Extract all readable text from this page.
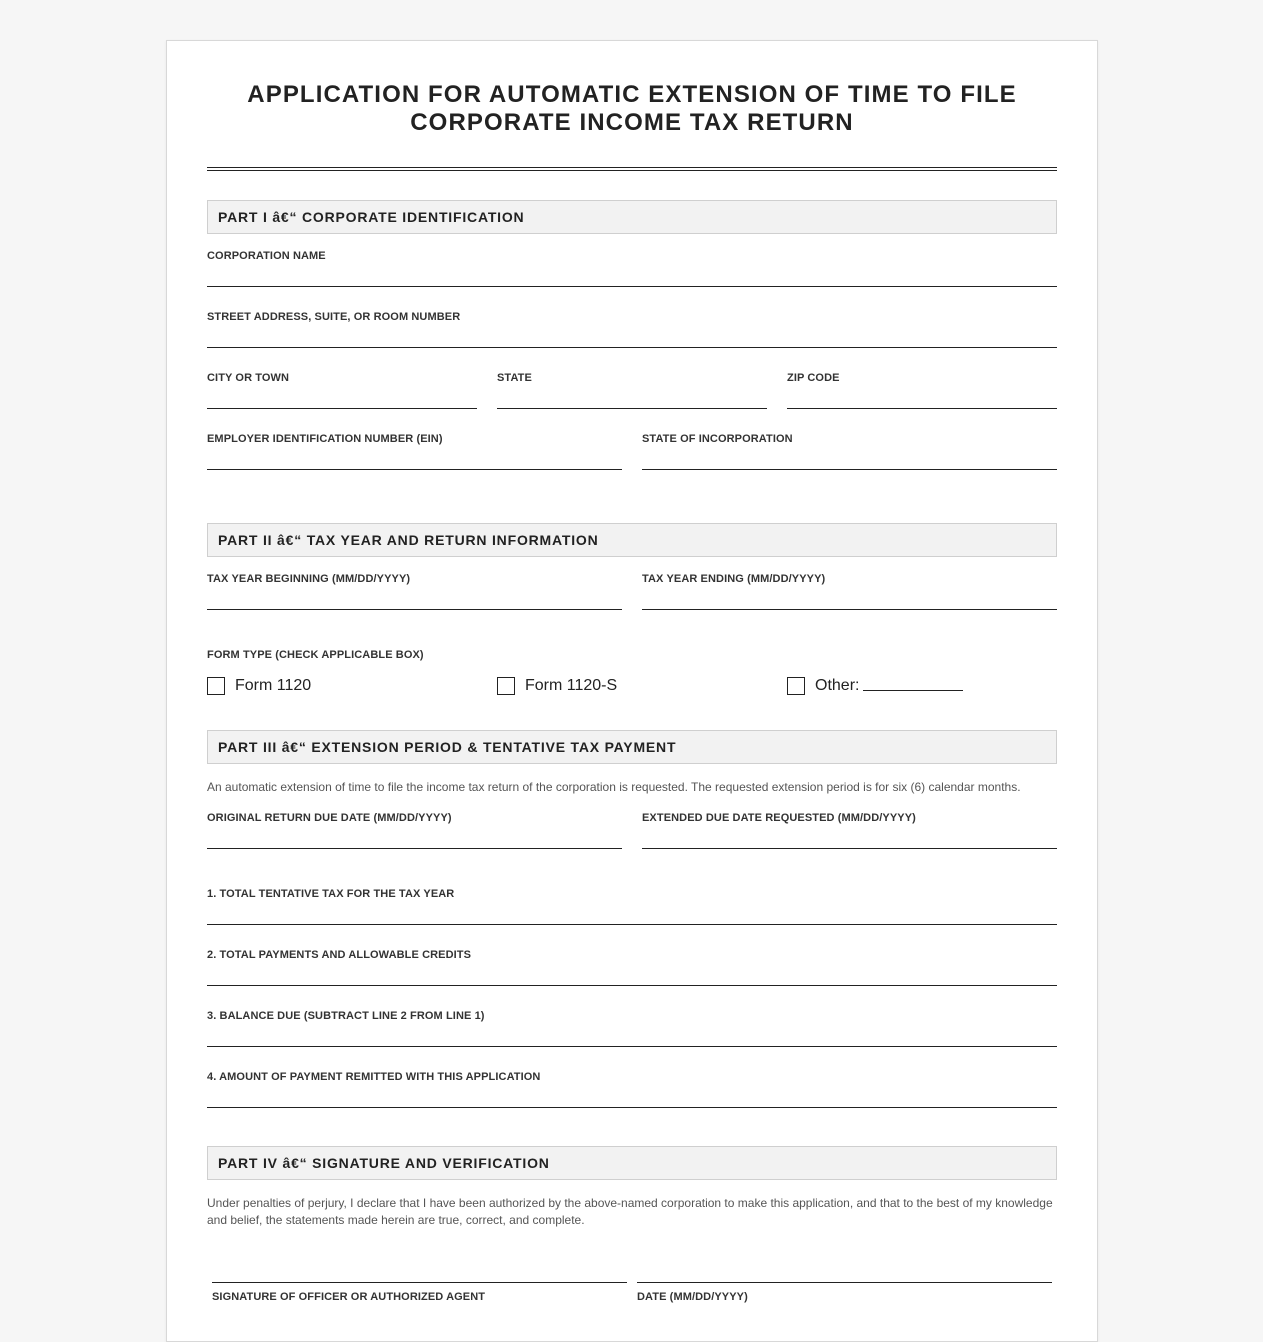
APPLICATION FOR AUTOMATIC EXTENSION OF TIME TO FILE
CORPORATE INCOME TAX RETURN
PART I â€“ CORPORATE IDENTIFICATION
CORPORATION NAME
STREET ADDRESS, SUITE, OR ROOM NUMBER
CITY OR TOWN	STATE	ZIP CODE
EMPLOYER IDENTIFICATION NUMBER (EIN)	STATE OF INCORPORATION
PART II â€“ TAX YEAR AND RETURN INFORMATION
TAX YEAR BEGINNING (MM/DD/YYYY)	TAX YEAR ENDING (MM/DD/YYYY)
FORM TYPE (CHECK APPLICABLE BOX)
Form 1120	Form 1120-S	Other:
PART III â€“ EXTENSION PERIOD & TENTATIVE TAX PAYMENT
An automatic extension of time to file the income tax return of the corporation is requested. The requested extension period is for six (6) calendar months.
ORIGINAL RETURN DUE DATE (MM/DD/YYYY)	EXTENDED DUE DATE REQUESTED (MM/DD/YYYY)
1. TOTAL TENTATIVE TAX FOR THE TAX YEAR
2. TOTAL PAYMENTS AND ALLOWABLE CREDITS
3. BALANCE DUE (SUBTRACT LINE 2 FROM LINE 1)
4. AMOUNT OF PAYMENT REMITTED WITH THIS APPLICATION
PART IV â€“ SIGNATURE AND VERIFICATION
Under penalties of perjury, I declare that I have been authorized by the above-named corporation to make this application, and that to the best of my knowledge and belief, the statements made herein are true, correct, and complete.
SIGNATURE OF OFFICER OR AUTHORIZED AGENT	DATE (MM/DD/YYYY)
